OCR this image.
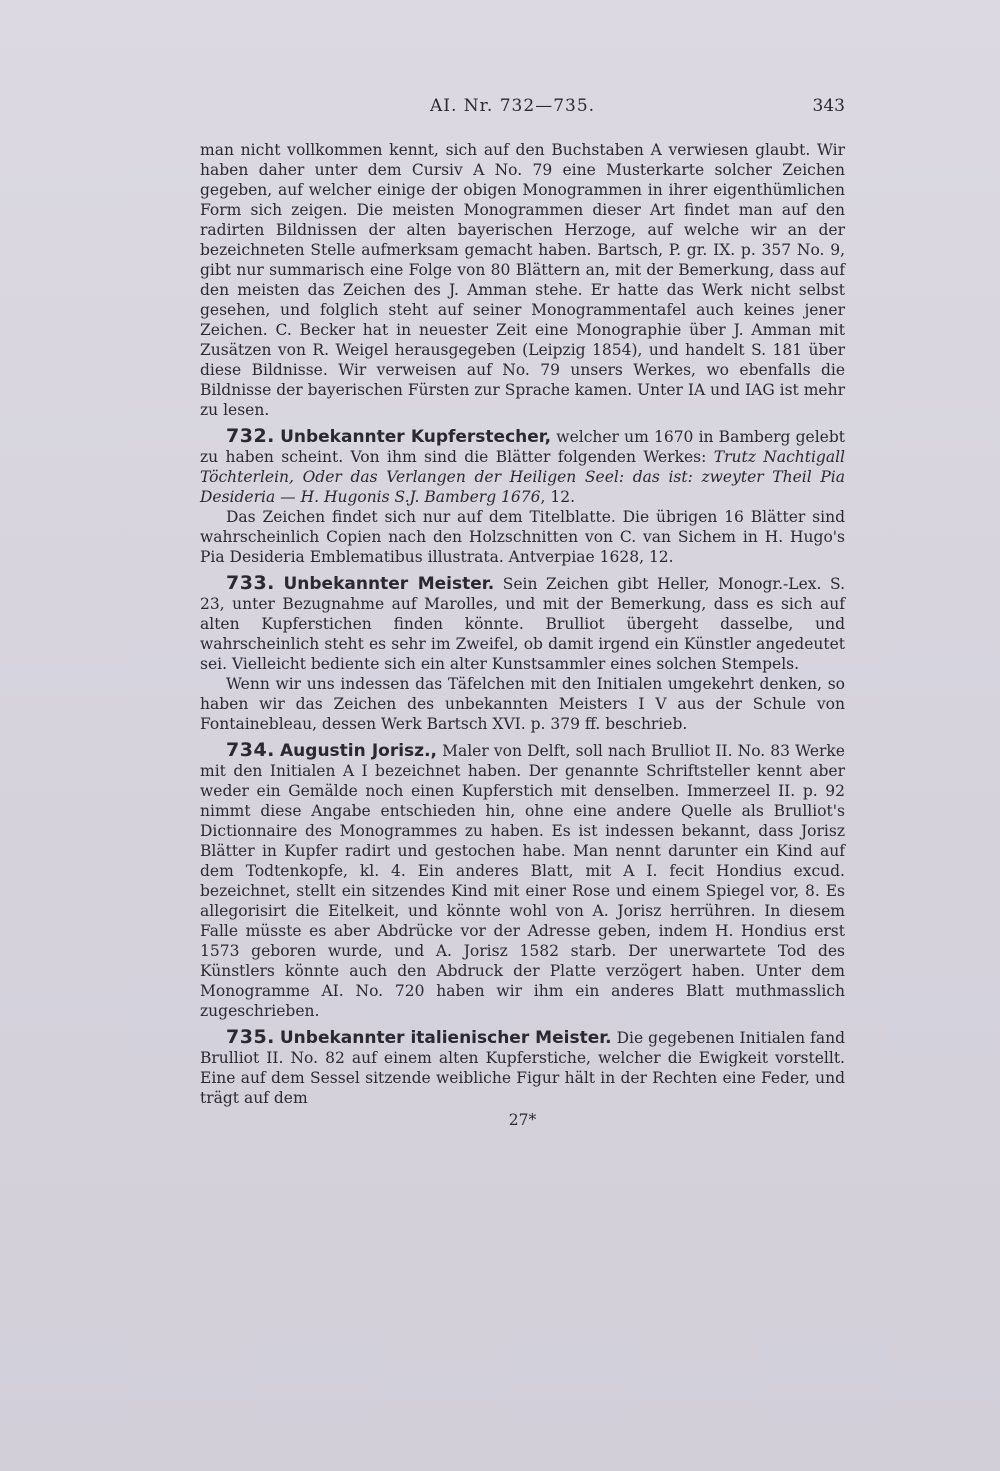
AI. Nr. 732—735.	343

man nicht vollkommen kennt, sich auf den Buchstaben A verwiesen glaubt. Wir haben daher unter dem Cursiv A No. 79 eine Musterkarte solcher Zeichen gegeben, auf welcher einige der obigen Monogrammen in ihrer eigenthümlichen Form sich zeigen. Die meisten Monogrammen dieser Art findet man auf den radirten Bildnissen der alten bayerischen Herzoge, auf welche wir an der bezeichneten Stelle aufmerksam gemacht haben. Bartsch, P. gr. IX. p. 357 No. 9, gibt nur summarisch eine Folge von 80 Blättern an, mit der Bemerkung, dass auf den meisten das Zeichen des J. Amman stehe. Er hatte das Werk nicht selbst gesehen, und folglich steht auf seiner Monogrammentafel auch keines jener Zeichen. C. Becker hat in neuester Zeit eine Monographie über J. Amman mit Zusätzen von R. Weigel herausgegeben (Leipzig 1854), und handelt S. 181 über diese Bildnisse. Wir verweisen auf No. 79 unsers Werkes, wo ebenfalls die Bildnisse der bayerischen Fürsten zur Sprache kamen. Unter IA und IAG ist mehr zu lesen.

732. Unbekannter Kupferstecher, welcher um 1670 in Bamberg gelebt zu haben scheint. Von ihm sind die Blätter folgenden Werkes: Trutz Nachtigall Töchterlein, Oder das Verlangen der Heiligen Seel: das ist: zweyter Theil Pia Desideria — H. Hugonis S.J. Bamberg 1676, 12.

Das Zeichen findet sich nur auf dem Titelblatte. Die übrigen 16 Blätter sind wahrscheinlich Copien nach den Holzschnitten von C. van Sichem in H. Hugo's Pia Desideria Emblematibus illustrata. Antverpiae 1628, 12.

733. Unbekannter Meister. Sein Zeichen gibt Heller, Monogr.-Lex. S. 23, unter Bezugnahme auf Marolles, und mit der Bemerkung, dass es sich auf alten Kupferstichen finden könnte. Brulliot übergeht dasselbe, und wahrscheinlich steht es sehr im Zweifel, ob damit irgend ein Künstler angedeutet sei. Vielleicht bediente sich ein alter Kunstsammler eines solchen Stempels.

Wenn wir uns indessen das Täfelchen mit den Initialen umgekehrt denken, so haben wir das Zeichen des unbekannten Meisters I V aus der Schule von Fontainebleau, dessen Werk Bartsch XVI. p. 379 ff. beschrieb.

734. Augustin Jorisz., Maler von Delft, soll nach Brulliot II. No. 83 Werke mit den Initialen A I bezeichnet haben. Der genannte Schriftsteller kennt aber weder ein Gemälde noch einen Kupferstich mit denselben. Immerzeel II. p. 92 nimmt diese Angabe entschieden hin, ohne eine andere Quelle als Brulliot's Dictionnaire des Monogrammes zu haben. Es ist indessen bekannt, dass Jorisz Blätter in Kupfer radirt und gestochen habe. Man nennt darunter ein Kind auf dem Todtenkopfe, kl. 4. Ein anderes Blatt, mit A I. fecit Hondius excud. bezeichnet, stellt ein sitzendes Kind mit einer Rose und einem Spiegel vor, 8. Es allegorisirt die Eitelkeit, und könnte wohl von A. Jorisz herrühren. In diesem Falle müsste es aber Abdrücke vor der Adresse geben, indem H. Hondius erst 1573 geboren wurde, und A. Jorisz 1582 starb. Der unerwartete Tod des Künstlers könnte auch den Abdruck der Platte verzögert haben. Unter dem Monogramme AI. No. 720 haben wir ihm ein anderes Blatt muthmasslich zugeschrieben.

735. Unbekannter italienischer Meister. Die gegebenen Initialen fand Brulliot II. No. 82 auf einem alten Kupferstiche, welcher die Ewigkeit vorstellt. Eine auf dem Sessel sitzende weibliche Figur hält in der Rechten eine Feder, und trägt auf dem

27*
